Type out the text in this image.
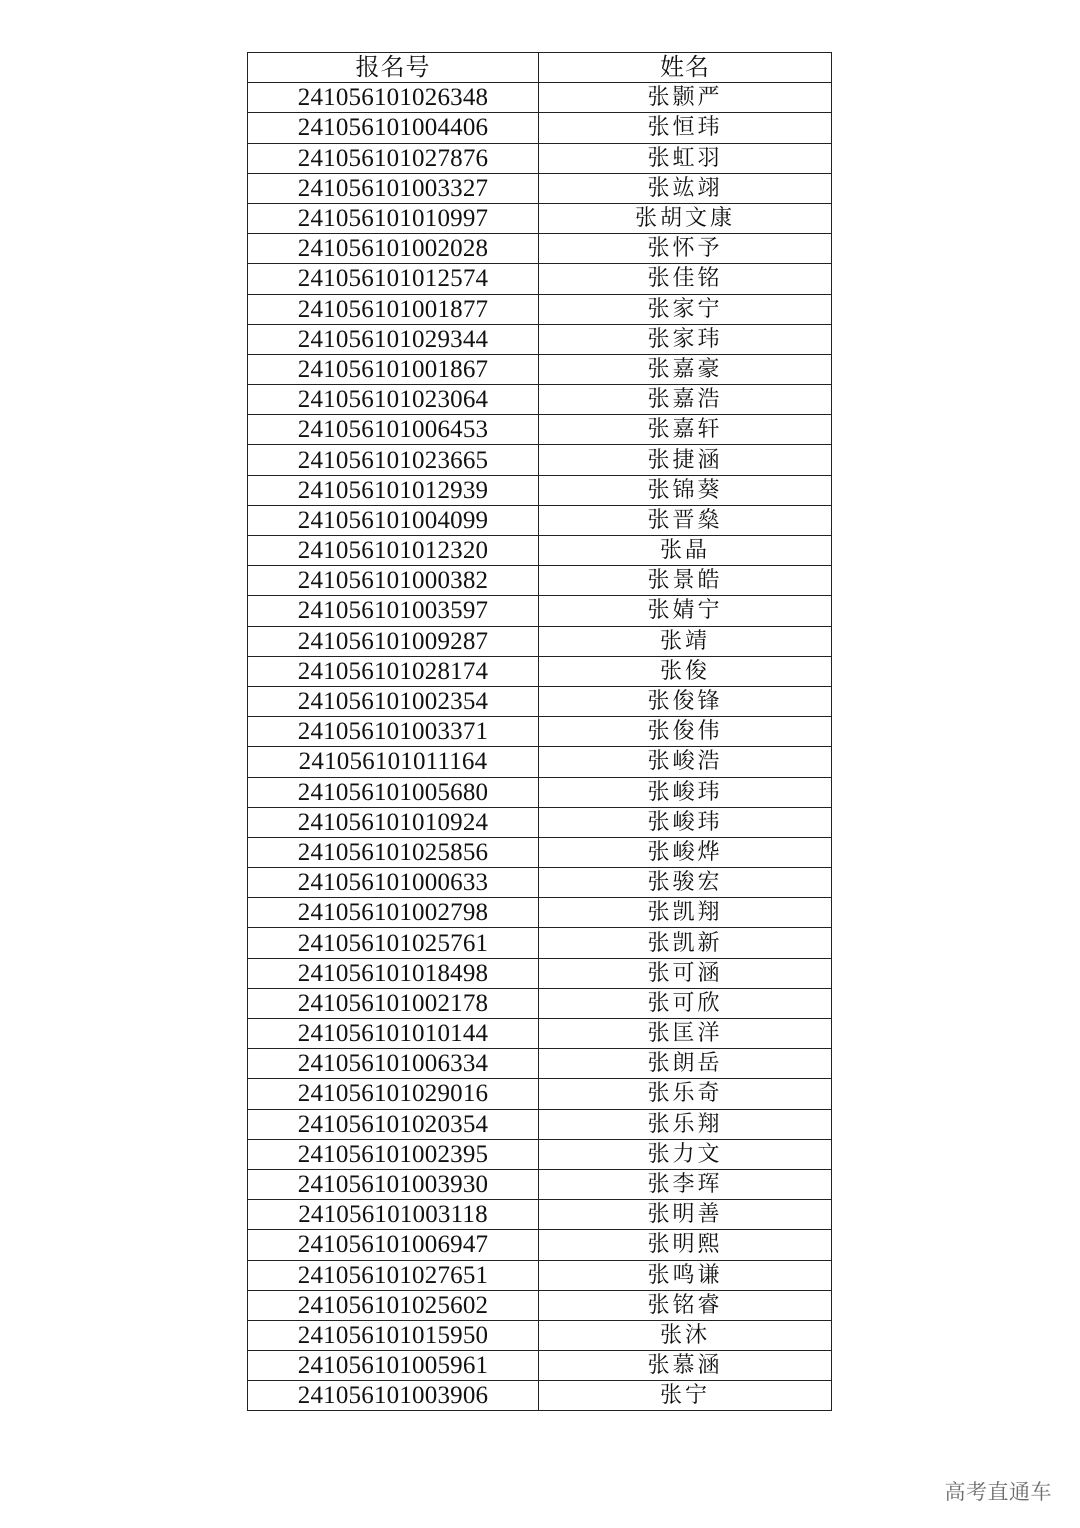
报名号	姓名
241056101026348	张颢严
241056101004406	张恒玮
241056101027876	张虹羽
241056101003327	张竑翊
241056101010997	张胡文康
241056101002028	张怀予
241056101012574	张佳铭
241056101001877	张家宁
241056101029344	张家玮
241056101001867	张嘉豪
241056101023064	张嘉浩
241056101006453	张嘉轩
241056101023665	张捷涵
241056101012939	张锦葵
241056101004099	张晋燊
241056101012320	张晶
241056101000382	张景皓
241056101003597	张婧宁
241056101009287	张靖
241056101028174	张俊
241056101002354	张俊锋
241056101003371	张俊伟
241056101011164	张峻浩
241056101005680	张峻玮
241056101010924	张峻玮
241056101025856	张峻烨
241056101000633	张骏宏
241056101002798	张凯翔
241056101025761	张凯新
241056101018498	张可涵
241056101002178	张可欣
241056101010144	张匡洋
241056101006334	张朗岳
241056101029016	张乐奇
241056101020354	张乐翔
241056101002395	张力文
241056101003930	张李珲
241056101003118	张明善
241056101006947	张明熙
241056101027651	张鸣谦
241056101025602	张铭睿
241056101015950	张沐
241056101005961	张慕涵
241056101003906	张宁
高考直通车
